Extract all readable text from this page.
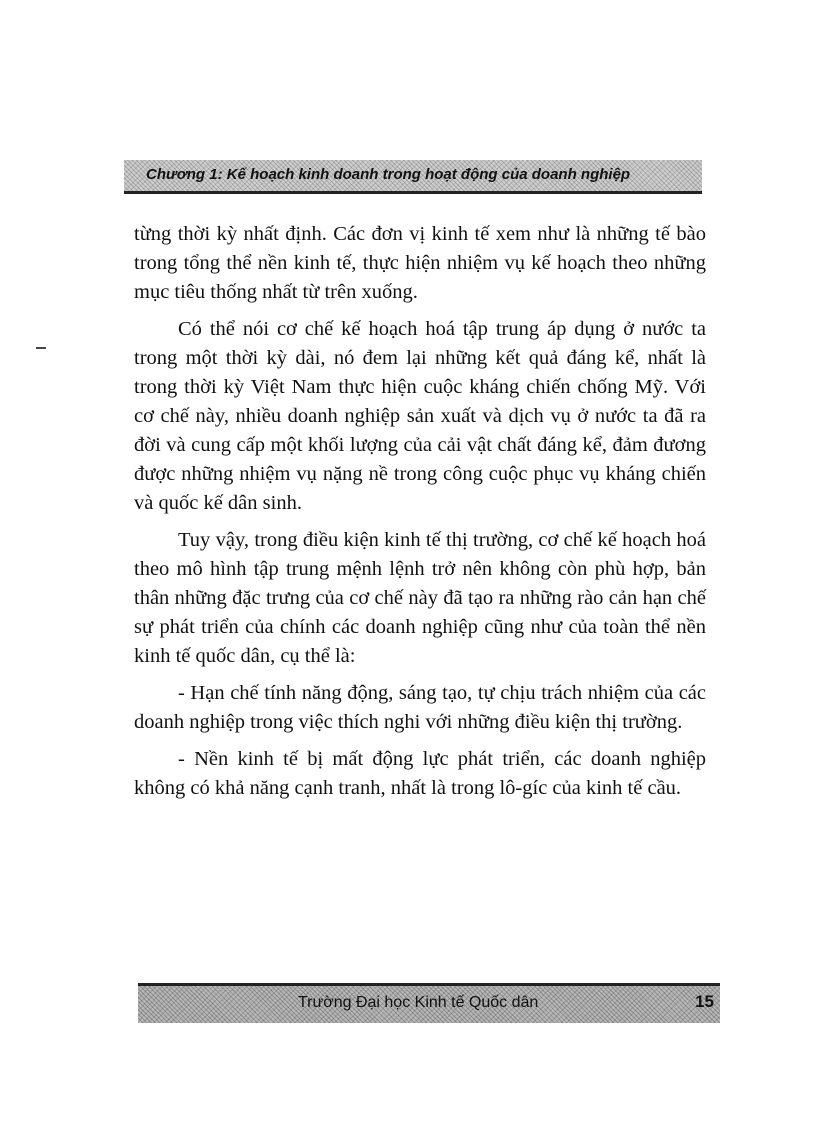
Chương 1: Kế hoạch kinh doanh trong hoạt động của doanh nghiệp

từng thời kỳ nhất định. Các đơn vị kinh tế xem như là những tế bào trong tổng thể nền kinh tế, thực hiện nhiệm vụ kế hoạch theo những mục tiêu thống nhất từ trên xuống.

Có thể nói cơ chế kế hoạch hoá tập trung áp dụng ở nước ta trong một thời kỳ dài, nó đem lại những kết quả đáng kể, nhất là trong thời kỳ Việt Nam thực hiện cuộc kháng chiến chống Mỹ. Với cơ chế này, nhiều doanh nghiệp sản xuất và dịch vụ ở nước ta đã ra đời và cung cấp một khối lượng của cải vật chất đáng kể, đảm đương được những nhiệm vụ nặng nề trong công cuộc phục vụ kháng chiến và quốc kế dân sinh.

Tuy vậy, trong điều kiện kinh tế thị trường, cơ chế kế hoạch hoá theo mô hình tập trung mệnh lệnh trở nên không còn phù hợp, bản thân những đặc trưng của cơ chế này đã tạo ra những rào cản hạn chế sự phát triển của chính các doanh nghiệp cũng như của toàn thể nền kinh tế quốc dân, cụ thể là:

- Hạn chế tính năng động, sáng tạo, tự chịu trách nhiệm của các doanh nghiệp trong việc thích nghi với những điều kiện thị trường.

- Nền kinh tế bị mất động lực phát triển, các doanh nghiệp không có khả năng cạnh tranh, nhất là trong lô-gíc của kinh tế cầu.

Trường Đại học Kinh tế Quốc dân	15
